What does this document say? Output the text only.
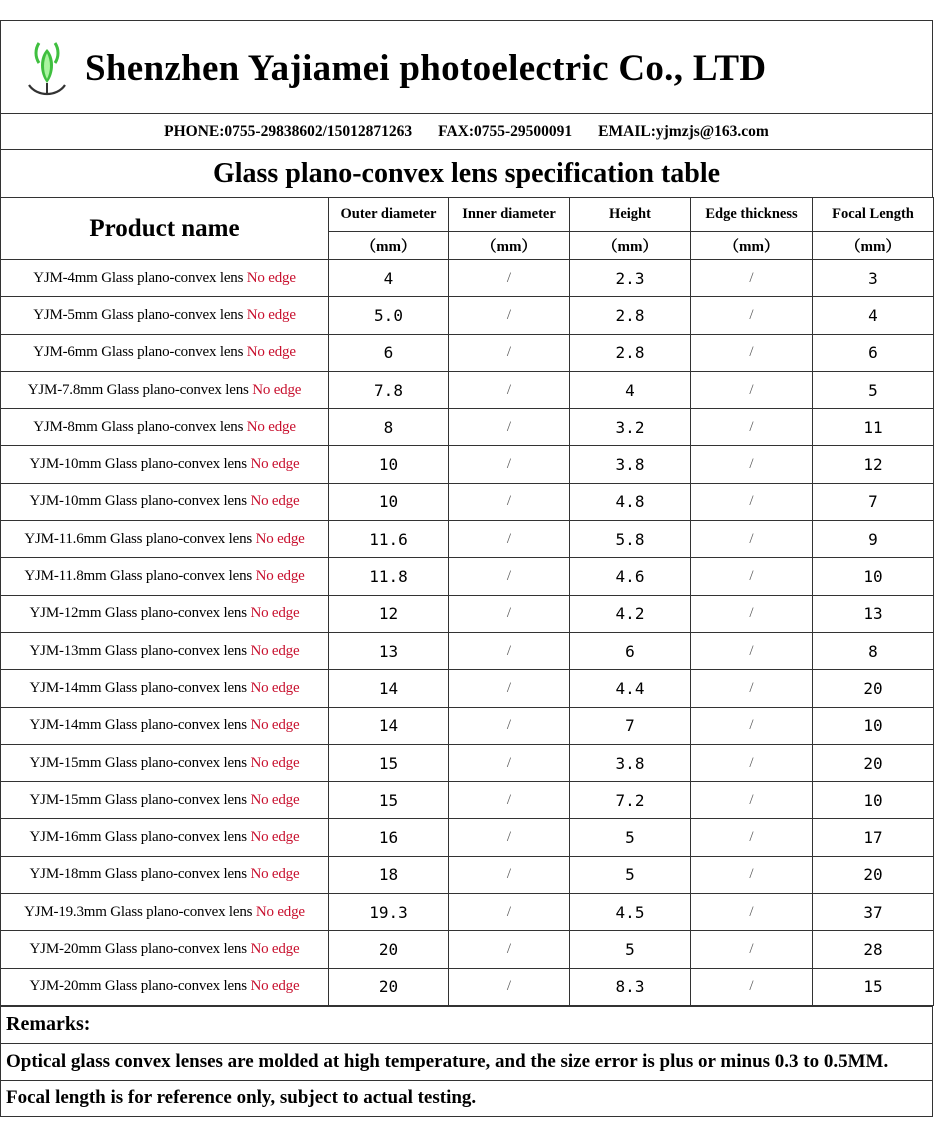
Shenzhen Yajiamei photoelectric Co., LTD
PHONE:0755-29838602/15012871263 FAX:0755-29500091 EMAIL:yjmzjs@163.com
Glass plano-convex lens specification table
Product name	Outer diameter	Inner diameter	Height	Edge thickness	Focal Length
	（mm）	（mm）	（mm）	（mm）	（mm）
YJM-4mm Glass plano-convex lens No edge	4	/	2.3	/	3
YJM-5mm Glass plano-convex lens No edge	5.0	/	2.8	/	4
YJM-6mm Glass plano-convex lens No edge	6	/	2.8	/	6
YJM-7.8mm Glass plano-convex lens No edge	7.8	/	4	/	5
YJM-8mm Glass plano-convex lens No edge	8	/	3.2	/	11
YJM-10mm Glass plano-convex lens No edge	10	/	3.8	/	12
YJM-10mm Glass plano-convex lens No edge	10	/	4.8	/	7
YJM-11.6mm Glass plano-convex lens No edge	11.6	/	5.8	/	9
YJM-11.8mm Glass plano-convex lens No edge	11.8	/	4.6	/	10
YJM-12mm Glass plano-convex lens No edge	12	/	4.2	/	13
YJM-13mm Glass plano-convex lens No edge	13	/	6	/	8
YJM-14mm Glass plano-convex lens No edge	14	/	4.4	/	20
YJM-14mm Glass plano-convex lens No edge	14	/	7	/	10
YJM-15mm Glass plano-convex lens No edge	15	/	3.8	/	20
YJM-15mm Glass plano-convex lens No edge	15	/	7.2	/	10
YJM-16mm Glass plano-convex lens No edge	16	/	5	/	17
YJM-18mm Glass plano-convex lens No edge	18	/	5	/	20
YJM-19.3mm Glass plano-convex lens No edge	19.3	/	4.5	/	37
YJM-20mm Glass plano-convex lens No edge	20	/	5	/	28
YJM-20mm Glass plano-convex lens No edge	20	/	8.3	/	15
Remarks:
Optical glass convex lenses are molded at high temperature, and the size error is plus or minus 0.3 to 0.5MM.
Focal length is for reference only, subject to actual testing.
